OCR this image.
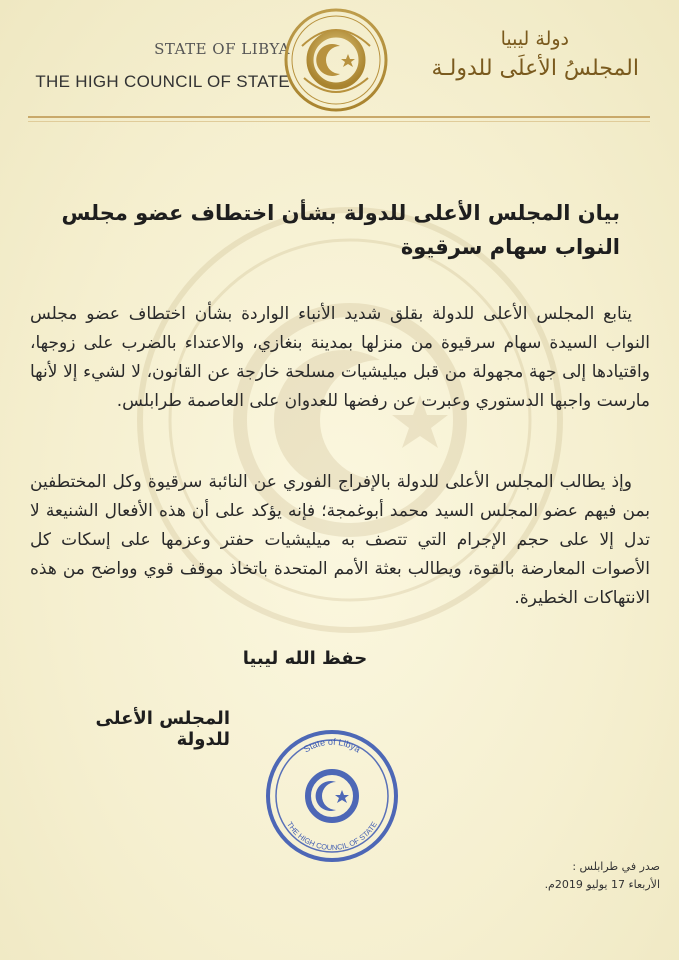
STATE OF LIBYA
THE HIGH COUNCIL OF STATE
دولة ليبيا
المجلسُ الأعلَى للدولـة
بيان المجلس الأعلى للدولة بشأن اختطاف عضو مجلس النواب سهام سرقيوة
يتابع المجلس الأعلى للدولة بقلق شديد الأنباء الواردة بشأن اختطاف عضو مجلس النواب السيدة سهام سرقيوة من منزلها بمدينة بنغازي، والاعتداء بالضرب على زوجها، واقتيادها إلى جهة مجهولة من قبل ميليشيات مسلحة خارجة عن القانون، لا لشيء إلا لأنها مارست واجبها الدستوري وعبرت عن رفضها للعدوان على العاصمة طرابلس.
وإذ يطالب المجلس الأعلى للدولة بالإفراج الفوري عن النائبة سرقيوة وكل المختطفين بمن فيهم عضو المجلس السيد محمد أبوغمجة؛ فإنه يؤكد على أن هذه الأفعال الشنيعة لا تدل إلا على حجم الإجرام التي تتصف به ميليشيات حفتر وعزمها على إسكات كل الأصوات المعارضة بالقوة، ويطالب بعثة الأمم المتحدة باتخاذ موقف قوي وواضح من هذه الانتهاكات الخطيرة.
حفظ الله ليبيا
المجلس الأعلى للدولة	State of Libya
THE HIGH COUNCIL OF STATE
صدر في طرابلس :
الأربعاء 17 يوليو 2019م.
